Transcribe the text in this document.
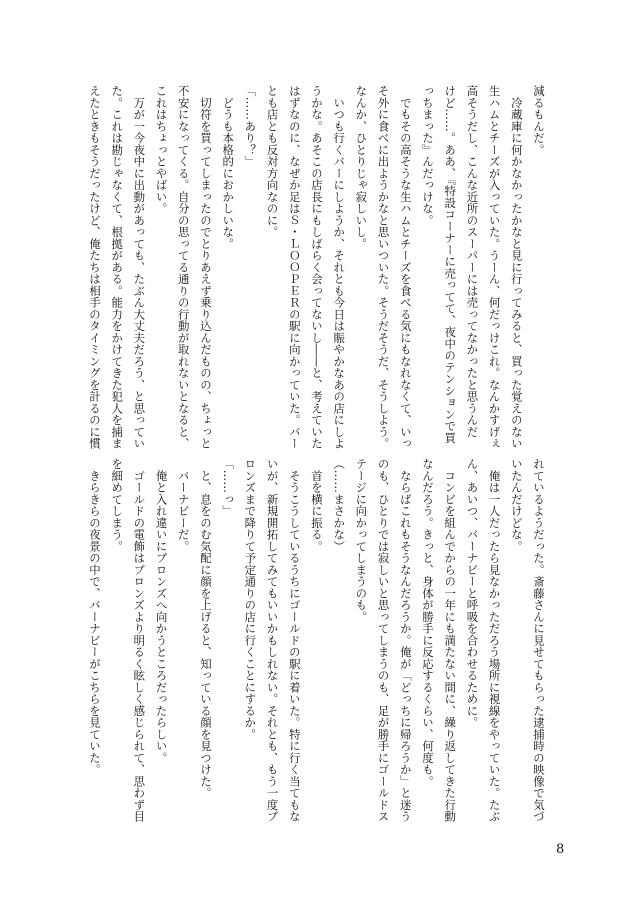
減るもんだ。
　冷蔵庫に何かなかったかなと見に行ってみると、買った覚えのない
生ハムとチーズが入っていた。うーん、何だっけこれ。なんかすげぇ
高そうだし、こんな近所のスーパーには売ってなかったと思うんだ
けど……。ああ、『特設コーナーに売ってて、夜中のテンションで買
っちまった』んだっけな。
　でもその高そうな生ハムとチーズを食べる気にもなれなくて、いっ
そ外に食べに出ようかなと思いついた。そうだそうだ、そうしよう。
なんか、ひとりじゃ寂しいし。
　いつも行くバーにしようか、それとも今日は賑やかなあの店にしよ
うかな。あそこの店長にもしばらく会ってないし――と、考えていた
はずなのに、なぜか足はＳ・ＬＯＯＰＥＲの駅に向かっていた。バー
とも店とも反対方向なのに。
「……あり？」
　どうも本格的におかしいな。
　切符を買ってしまったのでとりあえず乗り込んだものの、ちょっと
不安になってくる。自分の思ってる通りの行動が取れないとなると、
これはちょっとやばい。
　万が一今夜中に出動があっても、たぶん大丈夫だろう、と思ってい
た。これは勘じゃなくて、根拠がある。能力をかけてきた犯人を捕ま
えたときもそうだったけど、俺たちは相手のタイミングを計るのに慣
れているようだった。斎藤さんに見せてもらった逮捕時の映像で気づ
いたんだけどな。
　俺は一人だったら見なかっただろう場所に視線をやっていた。たぶ
ん、あいつ、バーナビーと呼吸を合わせるために。
　コンビを組んでからの一年にも満たない間に、繰り返してきた行動
なんだろう。きっと、身体が勝手に反応するくらい、何度も。
　ならばこれもそうなんだろうか。俺が「どっちに帰ろうか」と迷う
のも、ひとりでは寂しいと思ってしまうのも、足が勝手にゴールドス
テージに向かってしまうのも。
（……まさかな）
　首を横に振る。
　そうこうしているうちにゴールドの駅に着いた。特に行く当てもな
いが、新規開拓してみてもいいかもしれない。それとも、もう一度ブ
ロンズまで降りて予定通りの店に行くことにするか。
「……っ」
　と、息をのむ気配に顔を上げると、知っている顔を見つけた。
　バーナビーだ。
　俺と入れ違いにブロンズへ向かうところだったらしい。
　ゴールドの電飾はブロンズより明るく眩しく感じられて、思わず目
を細めてしまう。
　きらきらの夜景の中で、バーナビーがこちらを見ていた。
8
